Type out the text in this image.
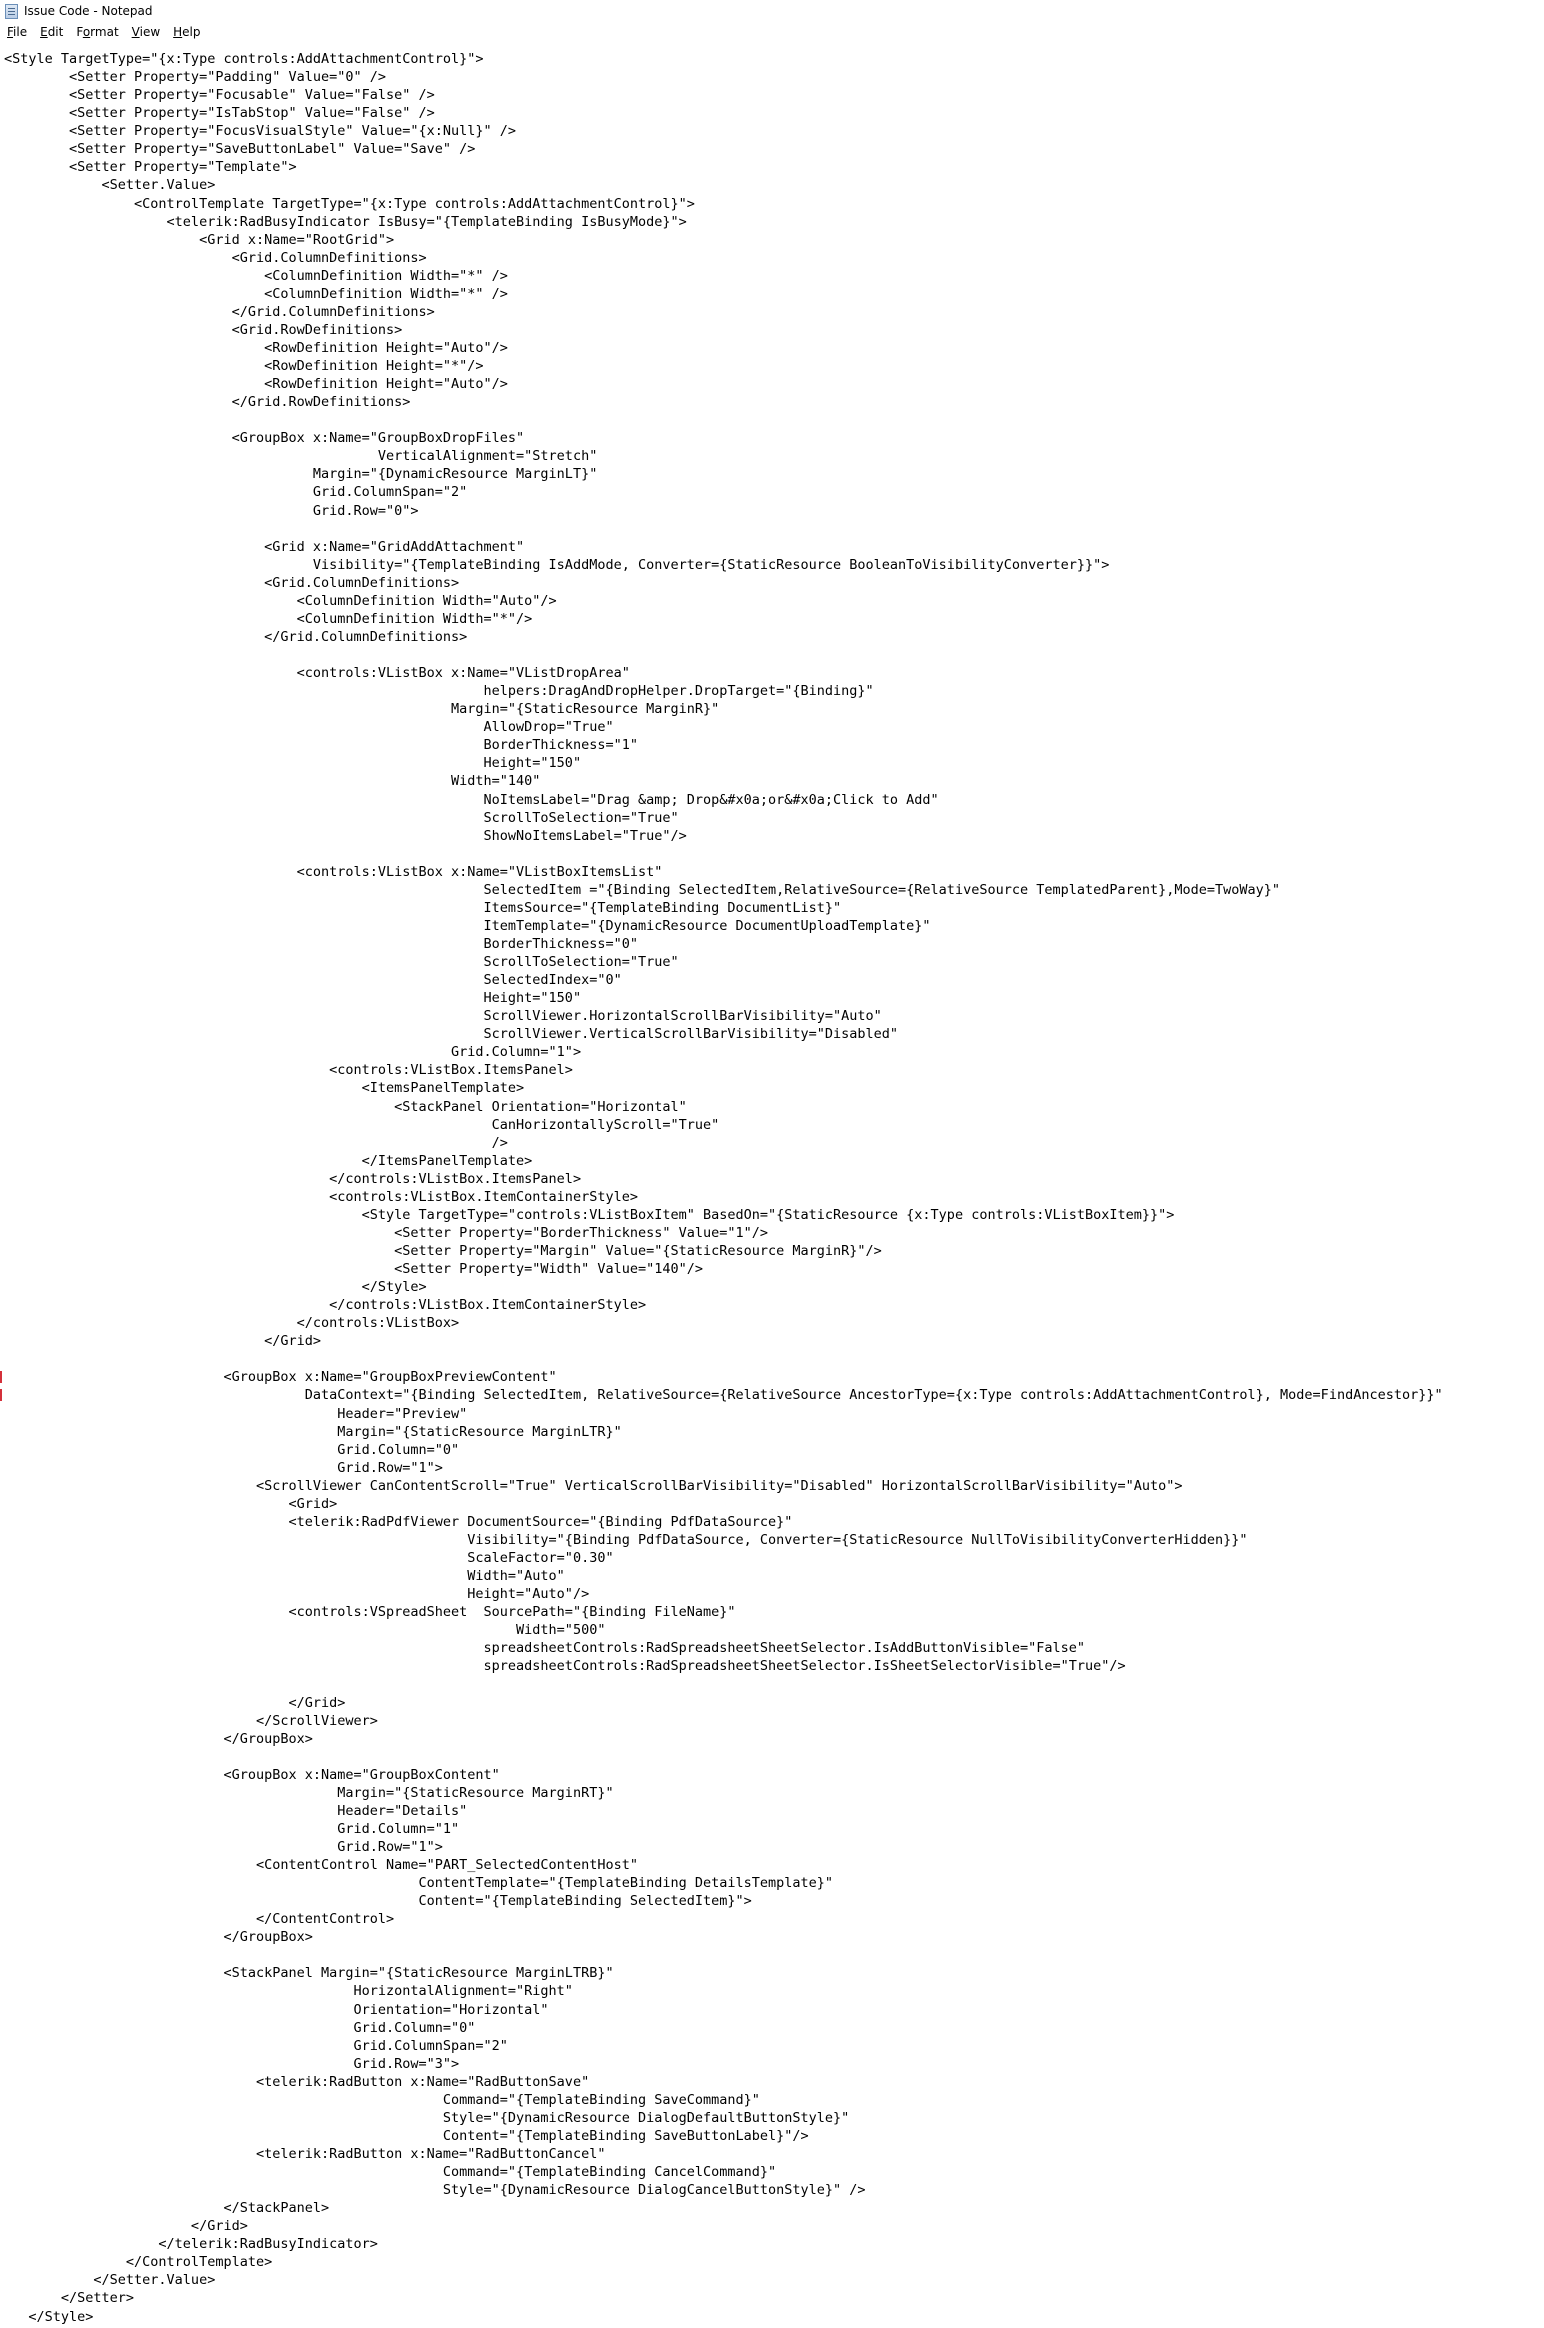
Issue Code - Notepad
File	Edit	Format	View	Help
<Style TargetType="{x:Type controls:AddAttachmentControl}">
<Setter Property="Padding" Value="0" />
<Setter Property="Focusable" Value="False" />
<Setter Property="IsTabStop" Value="False" />
<Setter Property="FocusVisualStyle" Value="{x:Null}" />
<Setter Property="SaveButtonLabel" Value="Save" />
<Setter Property="Template">
<Setter.Value>
<ControlTemplate TargetType="{x:Type controls:AddAttachmentControl}">
<telerik:RadBusyIndicator IsBusy="{TemplateBinding IsBusyMode}">
<Grid x:Name="RootGrid">
<Grid.ColumnDefinitions>
<ColumnDefinition Width="*" />
<ColumnDefinition Width="*" />
</Grid.ColumnDefinitions>
<Grid.RowDefinitions>
<RowDefinition Height="Auto"/>
<RowDefinition Height="*"/>
<RowDefinition Height="Auto"/>
</Grid.RowDefinitions>
<GroupBox x:Name="GroupBoxDropFiles"
VerticalAlignment="Stretch"
Margin="{DynamicResource MarginLT}"
Grid.ColumnSpan="2"
Grid.Row="0">
<Grid x:Name="GridAddAttachment"
Visibility="{TemplateBinding IsAddMode, Converter={StaticResource BooleanToVisibilityConverter}}">
<Grid.ColumnDefinitions>
<ColumnDefinition Width="Auto"/>
<ColumnDefinition Width="*"/>
</Grid.ColumnDefinitions>
<controls:VListBox x:Name="VListDropArea"
helpers:DragAndDropHelper.DropTarget="{Binding}"
Margin="{StaticResource MarginR}"
AllowDrop="True"
BorderThickness="1"
Height="150"
Width="140"
NoItemsLabel="Drag &amp; Drop&#x0a;or&#x0a;Click to Add"
ScrollToSelection="True"
ShowNoItemsLabel="True"/>
<controls:VListBox x:Name="VListBoxItemsList"
SelectedItem ="{Binding SelectedItem,RelativeSource={RelativeSource TemplatedParent},Mode=TwoWay}"
ItemsSource="{TemplateBinding DocumentList}"
ItemTemplate="{DynamicResource DocumentUploadTemplate}"
BorderThickness="0"
ScrollToSelection="True"
SelectedIndex="0"
Height="150"
ScrollViewer.HorizontalScrollBarVisibility="Auto"
ScrollViewer.VerticalScrollBarVisibility="Disabled"
Grid.Column="1">
<controls:VListBox.ItemsPanel>
<ItemsPanelTemplate>
<StackPanel Orientation="Horizontal"
CanHorizontallyScroll="True"
/>
</ItemsPanelTemplate>
</controls:VListBox.ItemsPanel>
<controls:VListBox.ItemContainerStyle>
<Style TargetType="controls:VListBoxItem" BasedOn="{StaticResource {x:Type controls:VListBoxItem}}">
<Setter Property="BorderThickness" Value="1"/>
<Setter Property="Margin" Value="{StaticResource MarginR}"/>
<Setter Property="Width" Value="140"/>
</Style>
</controls:VListBox.ItemContainerStyle>
</controls:VListBox>
</Grid>
<GroupBox x:Name="GroupBoxPreviewContent"
DataContext="{Binding SelectedItem, RelativeSource={RelativeSource AncestorType={x:Type controls:AddAttachmentControl}, Mode=FindAncestor}}"
Header="Preview"
Margin="{StaticResource MarginLTR}"
Grid.Column="0"
Grid.Row="1">
<ScrollViewer CanContentScroll="True" VerticalScrollBarVisibility="Disabled" HorizontalScrollBarVisibility="Auto">
<Grid>
<telerik:RadPdfViewer DocumentSource="{Binding PdfDataSource}"
Visibility="{Binding PdfDataSource, Converter={StaticResource NullToVisibilityConverterHidden}}"
ScaleFactor="0.30"
Width="Auto"
Height="Auto"/>
<controls:VSpreadSheet  SourcePath="{Binding FileName}"
Width="500"
spreadsheetControls:RadSpreadsheetSheetSelector.IsAddButtonVisible="False"
spreadsheetControls:RadSpreadsheetSheetSelector.IsSheetSelectorVisible="True"/>
</Grid>
</ScrollViewer>
</GroupBox>
<GroupBox x:Name="GroupBoxContent"
Margin="{StaticResource MarginRT}"
Header="Details"
Grid.Column="1"
Grid.Row="1">
<ContentControl Name="PART_SelectedContentHost"
ContentTemplate="{TemplateBinding DetailsTemplate}"
Content="{TemplateBinding SelectedItem}">
</ContentControl>
</GroupBox>
<StackPanel Margin="{StaticResource MarginLTRB}"
HorizontalAlignment="Right"
Orientation="Horizontal"
Grid.Column="0"
Grid.ColumnSpan="2"
Grid.Row="3">
<telerik:RadButton x:Name="RadButtonSave"
Command="{TemplateBinding SaveCommand}"
Style="{DynamicResource DialogDefaultButtonStyle}"
Content="{TemplateBinding SaveButtonLabel}"/>
<telerik:RadButton x:Name="RadButtonCancel"
Command="{TemplateBinding CancelCommand}"
Style="{DynamicResource DialogCancelButtonStyle}" />
</StackPanel>
</Grid>
</telerik:RadBusyIndicator>
</ControlTemplate>
</Setter.Value>
</Setter>
</Style>
